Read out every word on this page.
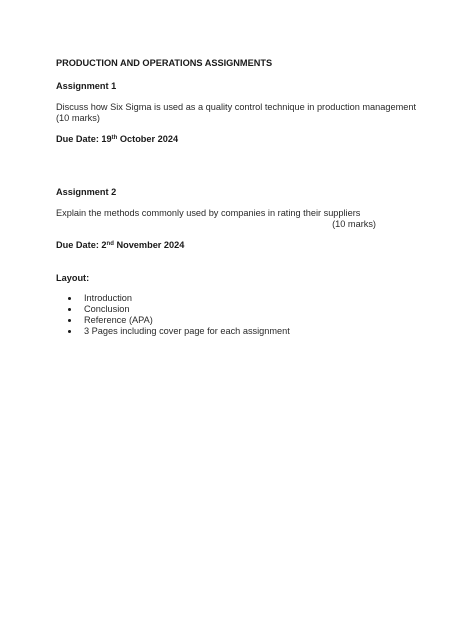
PRODUCTION AND OPERATIONS ASSIGNMENTS
Assignment 1
Discuss how Six Sigma is used as a quality control technique in production management
(10 marks)
Due Date: 19th October 2024
Assignment 2
Explain the methods commonly used by companies in rating their suppliers
(10 marks)
Due Date: 2nd November 2024
Layout:
Introduction
Conclusion
Reference (APA)
3 Pages including cover page for each assignment
